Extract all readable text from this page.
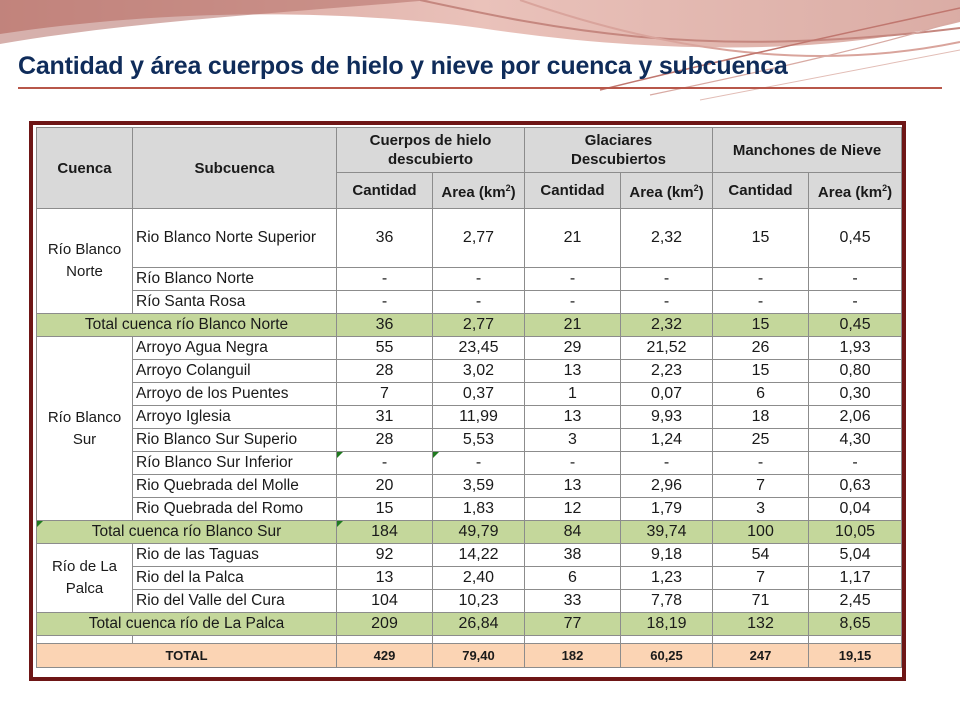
Cantidad y área cuerpos de hielo y nieve por cuenca y subcuenca
Cuenca	Subcuenca	Cuerpos de hielo descubierto		Glaciares Descubiertos		Manchones de Nieve	
		Cantidad	Area $(km^2)$	Cantidad	Area $(km^2)$	Cantidad	Area $(km^2)$
Río Blanco Norte	Rio Blanco Norte Superior	36	2,77	21	2,32	15	0,45
	Río Blanco Norte	-	-	-	-	-	-
	Río Santa Rosa	-	-	-	-	-	-
Total cuenca río Blanco Norte		36	2,77	21	2,32	15	0,45
Río Blanco Sur	Arroyo Agua Negra	55	23,45	29	21,52	26	1,93
	Arroyo Colanguil	28	3,02	13	2,23	15	0,80
	Arroyo de los Puentes	7	0,37	1	0,07	6	0,30
	Arroyo Iglesia	31	11,99	13	9,93	18	2,06
	Rio Blanco Sur Superio	28	5,53	3	1,24	25	4,30
	Río Blanco Sur Inferior	-	-	-	-	-	-
	Rio Quebrada del Molle	20	3,59	13	2,96	7	0,63
	Rio Quebrada del Romo	15	1,83	12	1,79	3	0,04
Total cuenca río Blanco Sur		184	49,79	84	39,74	100	10,05
Río de La Palca	Rio de las Taguas	92	14,22	38	9,18	54	5,04
	Rio del la Palca	13	2,40	6	1,23	7	1,17
	Rio del Valle del Cura	104	10,23	33	7,78	71	2,45
Total cuenca río de La Palca		209	26,84	77	18,19	132	8,65

TOTAL		429	79,40	182	60,25	247	19,15
